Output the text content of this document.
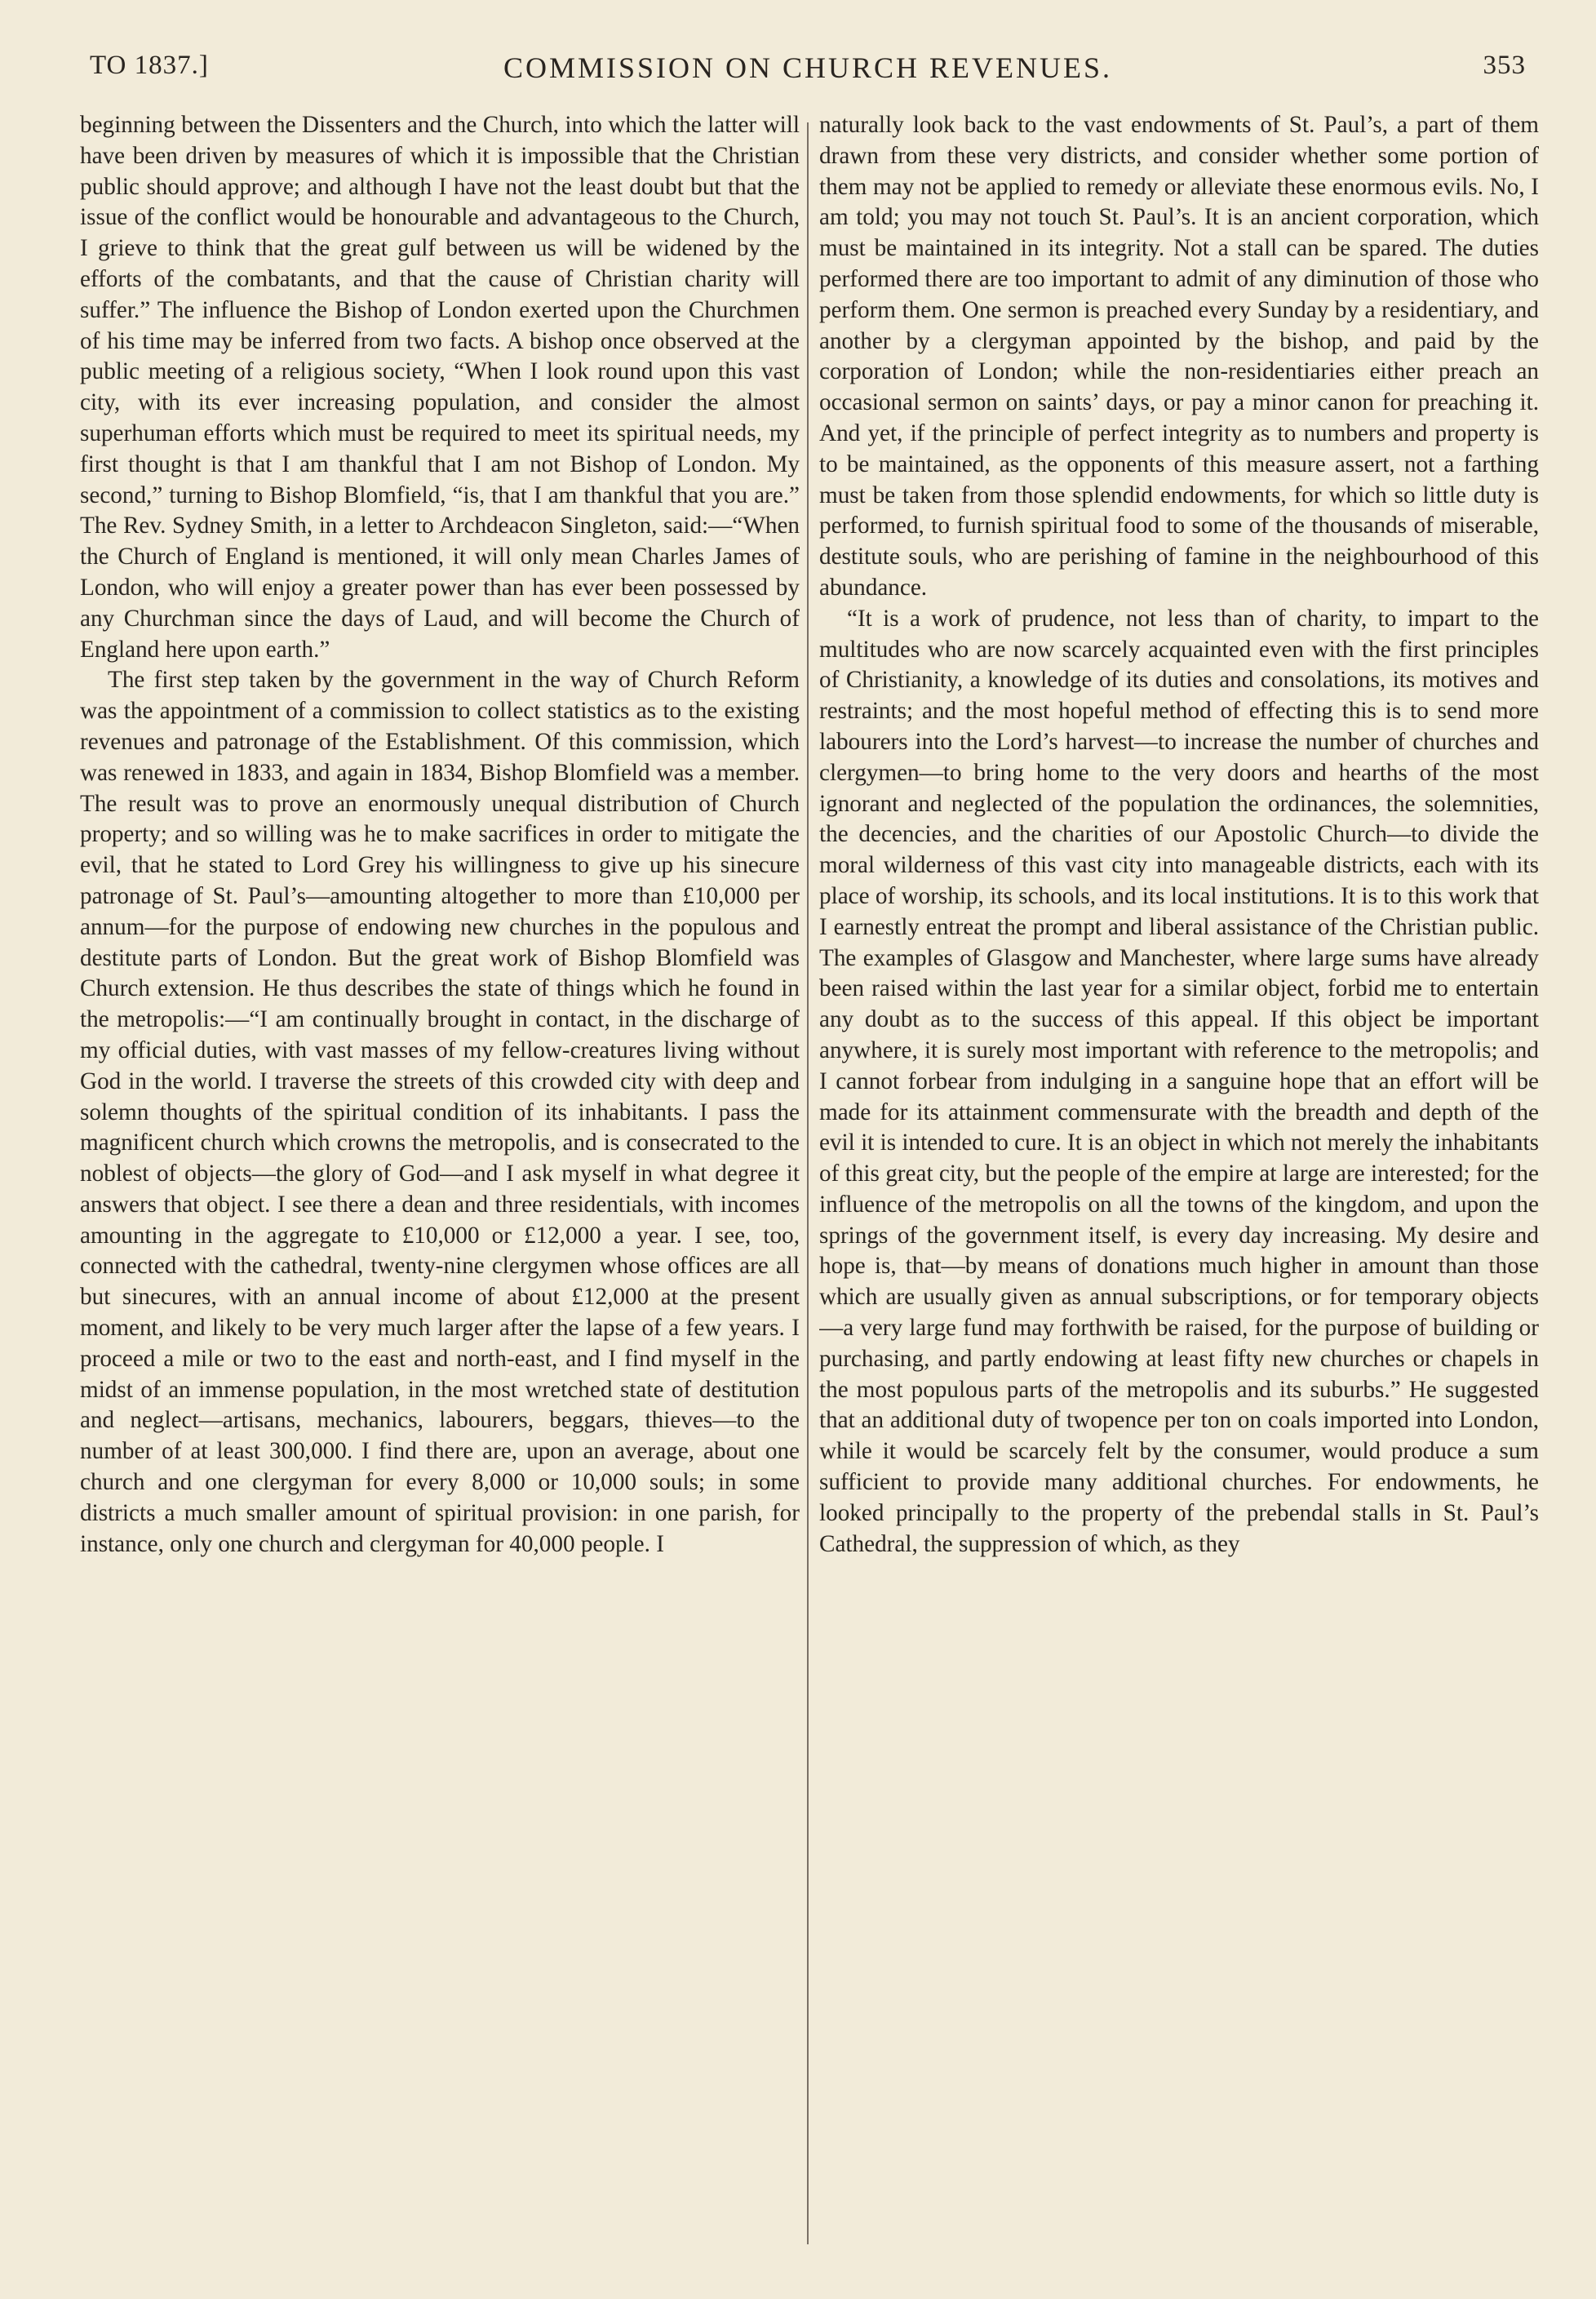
TO 1837.]	COMMISSION ON CHURCH REVENUES.	353

beginning between the Dissenters and the Church, into which the latter will have been driven by measures of which it is impossible that the Christian public should approve; and although I have not the least doubt but that the issue of the conflict would be honourable and advantageous to the Church, I grieve to think that the great gulf between us will be widened by the efforts of the combatants, and that the cause of Christian charity will suffer.” The influence the Bishop of London exerted upon the Churchmen of his time may be inferred from two facts. A bishop once observed at the public meeting of a religious society, “When I look round upon this vast city, with its ever increasing population, and consider the almost superhuman efforts which must be required to meet its spiritual needs, my first thought is that I am thankful that I am not Bishop of London. My second,” turning to Bishop Blomfield, “is, that I am thankful that you are.” The Rev. Sydney Smith, in a letter to Archdeacon Singleton, said:—“When the Church of England is mentioned, it will only mean Charles James of London, who will enjoy a greater power than has ever been possessed by any Churchman since the days of Laud, and will become the Church of England here upon earth.”

The first step taken by the government in the way of Church Reform was the appointment of a commission to collect statistics as to the existing revenues and patronage of the Establishment. Of this commission, which was renewed in 1833, and again in 1834, Bishop Blomfield was a member. The result was to prove an enormously unequal distribution of Church property; and so willing was he to make sacrifices in order to mitigate the evil, that he stated to Lord Grey his willingness to give up his sinecure patronage of St. Paul’s—amounting altogether to more than £10,000 per annum—for the purpose of endowing new churches in the populous and destitute parts of London. But the great work of Bishop Blomfield was Church extension. He thus describes the state of things which he found in the metropolis:—“I am continually brought in contact, in the discharge of my official duties, with vast masses of my fellow-creatures living without God in the world. I traverse the streets of this crowded city with deep and solemn thoughts of the spiritual condition of its inhabitants. I pass the magnificent church which crowns the metropolis, and is consecrated to the noblest of objects—the glory of God—and I ask myself in what degree it answers that object. I see there a dean and three residentials, with incomes amounting in the aggregate to £10,000 or £12,000 a year. I see, too, connected with the cathedral, twenty-nine clergymen whose offices are all but sinecures, with an annual income of about £12,000 at the present moment, and likely to be very much larger after the lapse of a few years. I proceed a mile or two to the east and north-east, and I find myself in the midst of an immense population, in the most wretched state of destitution and neglect—artisans, mechanics, labourers, beggars, thieves—to the number of at least 300,000. I find there are, upon an average, about one church and one clergyman for every 8,000 or 10,000 souls; in some districts a much smaller amount of spiritual provision: in one parish, for instance, only one church and clergyman for 40,000 people. I

naturally look back to the vast endowments of St. Paul’s, a part of them drawn from these very districts, and consider whether some portion of them may not be applied to remedy or alleviate these enormous evils. No, I am told; you may not touch St. Paul’s. It is an ancient corporation, which must be maintained in its integrity. Not a stall can be spared. The duties performed there are too important to admit of any diminution of those who perform them. One sermon is preached every Sunday by a residentiary, and another by a clergyman appointed by the bishop, and paid by the corporation of London; while the non-residentiaries either preach an occasional sermon on saints’ days, or pay a minor canon for preaching it. And yet, if the principle of perfect integrity as to numbers and property is to be maintained, as the opponents of this measure assert, not a farthing must be taken from those splendid endowments, for which so little duty is performed, to furnish spiritual food to some of the thousands of miserable, destitute souls, who are perishing of famine in the neighbourhood of this abundance.

“It is a work of prudence, not less than of charity, to impart to the multitudes who are now scarcely acquainted even with the first principles of Christianity, a knowledge of its duties and consolations, its motives and restraints; and the most hopeful method of effecting this is to send more labourers into the Lord’s harvest—to increase the number of churches and clergymen—to bring home to the very doors and hearths of the most ignorant and neglected of the population the ordinances, the solemnities, the decencies, and the charities of our Apostolic Church—to divide the moral wilderness of this vast city into manageable districts, each with its place of worship, its schools, and its local institutions. It is to this work that I earnestly entreat the prompt and liberal assistance of the Christian public. The examples of Glasgow and Manchester, where large sums have already been raised within the last year for a similar object, forbid me to entertain any doubt as to the success of this appeal. If this object be important anywhere, it is surely most important with reference to the metropolis; and I cannot forbear from indulging in a sanguine hope that an effort will be made for its attainment commensurate with the breadth and depth of the evil it is intended to cure. It is an object in which not merely the inhabitants of this great city, but the people of the empire at large are interested; for the influence of the metropolis on all the towns of the kingdom, and upon the springs of the government itself, is every day increasing. My desire and hope is, that—by means of donations much higher in amount than those which are usually given as annual subscriptions, or for temporary objects—a very large fund may forthwith be raised, for the purpose of building or purchasing, and partly endowing at least fifty new churches or chapels in the most populous parts of the metropolis and its suburbs.” He suggested that an additional duty of twopence per ton on coals imported into London, while it would be scarcely felt by the consumer, would produce a sum sufficient to provide many additional churches. For endowments, he looked principally to the property of the prebendal stalls in St. Paul’s Cathedral, the suppression of which, as they
